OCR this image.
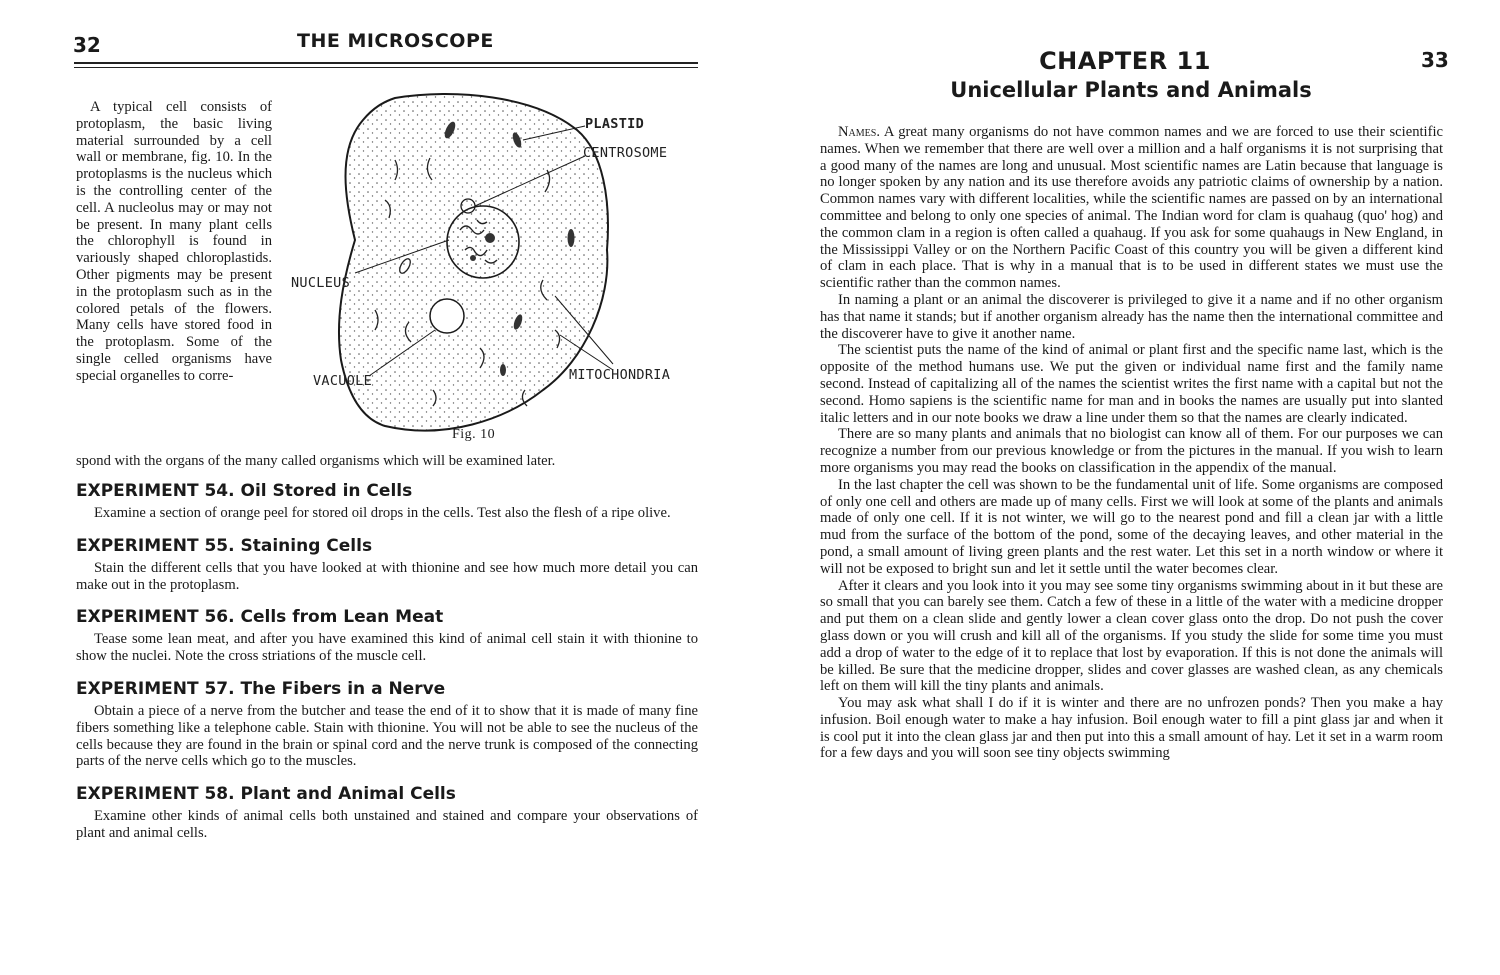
32	THE MICROSCOPE
A typical cell consists of protoplasm, the basic living material surrounded by a cell wall or membrane, fig. 10. In the protoplasms is the nucleus which is the controlling center of the cell. A nucleolus may or may not be present. In many plant cells the chlorophyll is found in variously shaped chloroplastids. Other pigments may be present in the protoplasm such as in the colored petals of the flowers. Many cells have stored food in the protoplasm. Some of the single celled organisms have special organelles to corre-
PLASTID
CENTROSOME
NUCLEUS
VACUOLE	MITOCHONDRIA
Fig. 10
spond with the organs of the many called organisms which will be examined later.
EXPERIMENT 54. Oil Stored in Cells

Examine a section of orange peel for stored oil drops in the cells. Test also the flesh of a ripe olive.

EXPERIMENT 55. Staining Cells

Stain the different cells that you have looked at with thionine and see how much more detail you can make out in the protoplasm.

EXPERIMENT 56. Cells from Lean Meat

Tease some lean meat, and after you have examined this kind of animal cell stain it with thionine to show the nuclei. Note the cross striations of the muscle cell.

EXPERIMENT 57. The Fibers in a Nerve

Obtain a piece of a nerve from the butcher and tease the end of it to show that it is made of many fine fibers something like a telephone cable. Stain with thionine. You will not be able to see the nucleus of the cells because they are found in the brain or spinal cord and the nerve trunk is composed of the connecting parts of the nerve cells which go to the muscles.

EXPERIMENT 58. Plant and Animal Cells

Examine other kinds of animal cells both unstained and stained and compare your observations of plant and animal cells.

CHAPTER 11	33
Unicellular Plants and Animals

Names. A great many organisms do not have common names and we are forced to use their scientific names. When we remember that there are well over a million and a half organisms it is not surprising that a good many of the names are long and unusual. Most scientific names are Latin because that language is no longer spoken by any nation and its use therefore avoids any patriotic claims of ownership by a nation. Common names vary with different localities, while the scientific names are passed on by an international committee and belong to only one species of animal. The Indian word for clam is quahaug (quo' hog) and the common clam in a region is often called a quahaug. If you ask for some quahaugs in New England, in the Mississippi Valley or on the Northern Pacific Coast of this country you will be given a different kind of clam in each place. That is why in a manual that is to be used in different states we must use the scientific rather than the common names.

In naming a plant or an animal the discoverer is privileged to give it a name and if no other organism has that name it stands; but if another organism already has the name then the international committee and the discoverer have to give it another name.

The scientist puts the name of the kind of animal or plant first and the specific name last, which is the opposite of the method humans use. We put the given or individual name first and the family name second. Instead of capitalizing all of the names the scientist writes the first name with a capital but not the second. Homo sapiens is the scientific name for man and in books the names are usually put into slanted italic letters and in our note books we draw a line under them so that the names are clearly indicated.

There are so many plants and animals that no biologist can know all of them. For our purposes we can recognize a number from our previous knowledge or from the pictures in the manual. If you wish to learn more organisms you may read the books on classification in the appendix of the manual.

In the last chapter the cell was shown to be the fundamental unit of life. Some organisms are composed of only one cell and others are made up of many cells. First we will look at some of the plants and animals made of only one cell. If it is not winter, we will go to the nearest pond and fill a clean jar with a little mud from the surface of the bottom of the pond, some of the decaying leaves, and other material in the pond, a small amount of living green plants and the rest water. Let this set in a north window or where it will not be exposed to bright sun and let it settle until the water becomes clear.

After it clears and you look into it you may see some tiny organisms swimming about in it but these are so small that you can barely see them. Catch a few of these in a little of the water with a medicine dropper and put them on a clean slide and gently lower a clean cover glass onto the drop. Do not push the cover glass down or you will crush and kill all of the organisms. If you study the slide for some time you must add a drop of water to the edge of it to replace that lost by evaporation. If this is not done the animals will be killed. Be sure that the medicine dropper, slides and cover glasses are washed clean, as any chemicals left on them will kill the tiny plants and animals.

You may ask what shall I do if it is winter and there are no unfrozen ponds? Then you make a hay infusion. Boil enough water to make a hay infusion. Boil enough water to fill a pint glass jar and when it is cool put it into the clean glass jar and then put into this a small amount of hay. Let it set in a warm room for a few days and you will soon see tiny objects swimming
